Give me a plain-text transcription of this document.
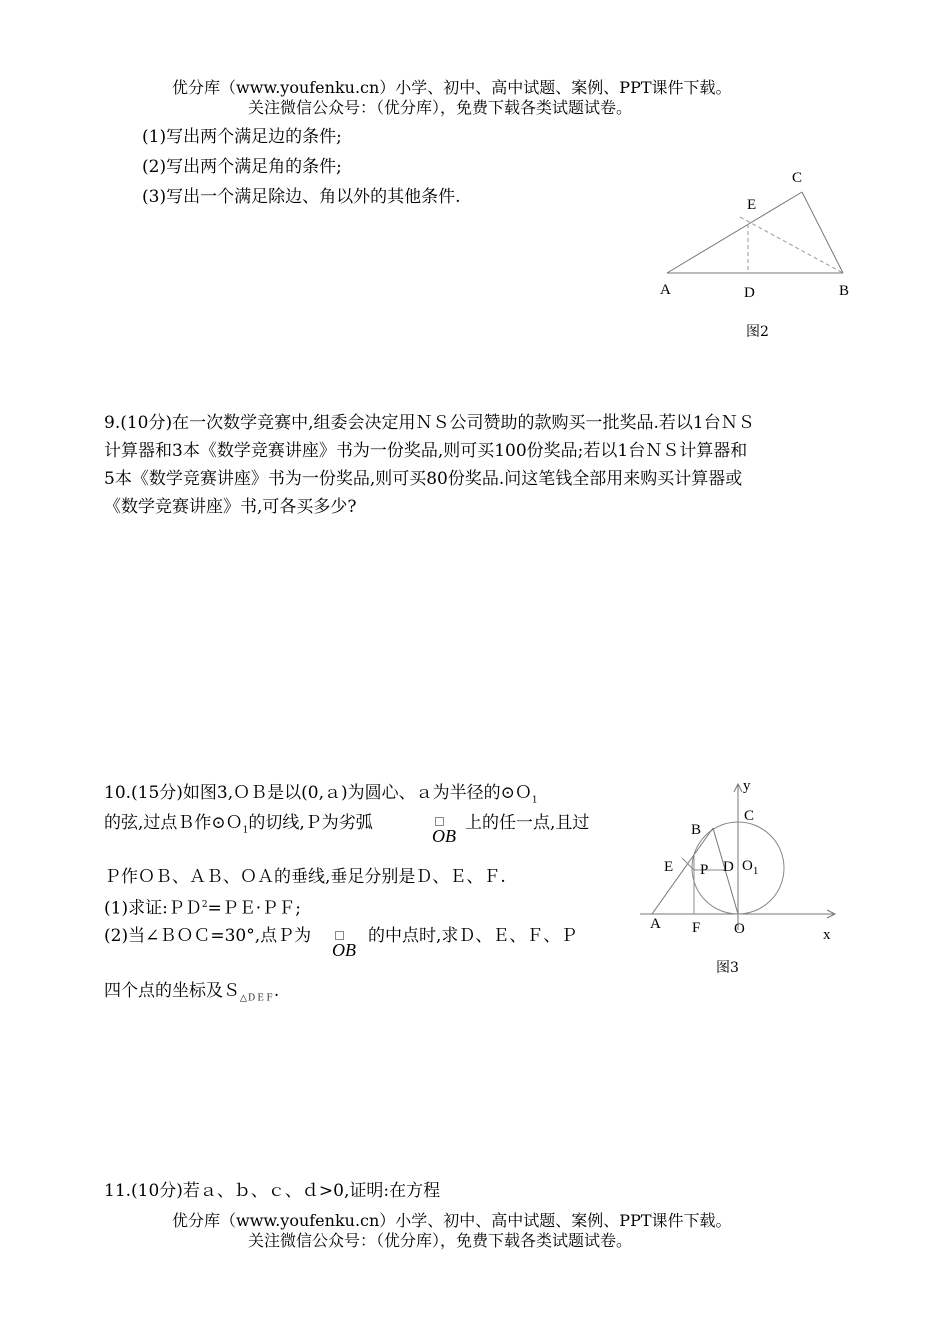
优分库（www.youfenku.cn）小学、初中、高中试题、案例、PPT课件下载。
关注微信公众号：（优分库），免费下载各类试题试卷。
(1)写出两个满足边的条件;
(2)写出两个满足角的条件;
(3)写出一个满足除边、角以外的其他条件.
C
E
A	D	B
图2
9.(10分)在一次数学竞赛中,组委会决定用ＮＳ公司赞助的款购买一批奖品.若以1台ＮＳ
计算器和3本《数学竞赛讲座》书为一份奖品,则可买100份奖品;若以1台ＮＳ计算器和
5本《数学竞赛讲座》书为一份奖品,则可买80份奖品.问这笔钱全部用来购买计算器或
《数学竞赛讲座》书,可各买多少?
10.(15分)如图3,ＯＢ是以(0,ａ)为圆心、ａ为半径的⊙Ｏ$_1$
的弦,过点Ｂ作⊙Ｏ$_1$的切线,Ｐ为劣弧
OB
上的任一点,且过
Ｐ作ＯＢ、ＡＢ、ＯＡ的垂线,垂足分别是Ｄ、Ｅ、Ｆ.
(1)求证:ＰＤ$^2$=ＰＥ·ＰＦ;
(2)当∠ＢＯＣ=30°,点Ｐ为
OB
的中点时,求Ｄ、Ｅ、Ｆ、Ｐ
四个点的坐标及Ｓ$_{\triangle DEF}$.
y
C
B
E P D $O_1$
A F O	x
图3
11.(10分)若ａ、ｂ、ｃ、ｄ>0,证明:在方程
优分库（www.youfenku.cn）小学、初中、高中试题、案例、PPT课件下载。
关注微信公众号：（优分库），免费下载各类试题试卷。
